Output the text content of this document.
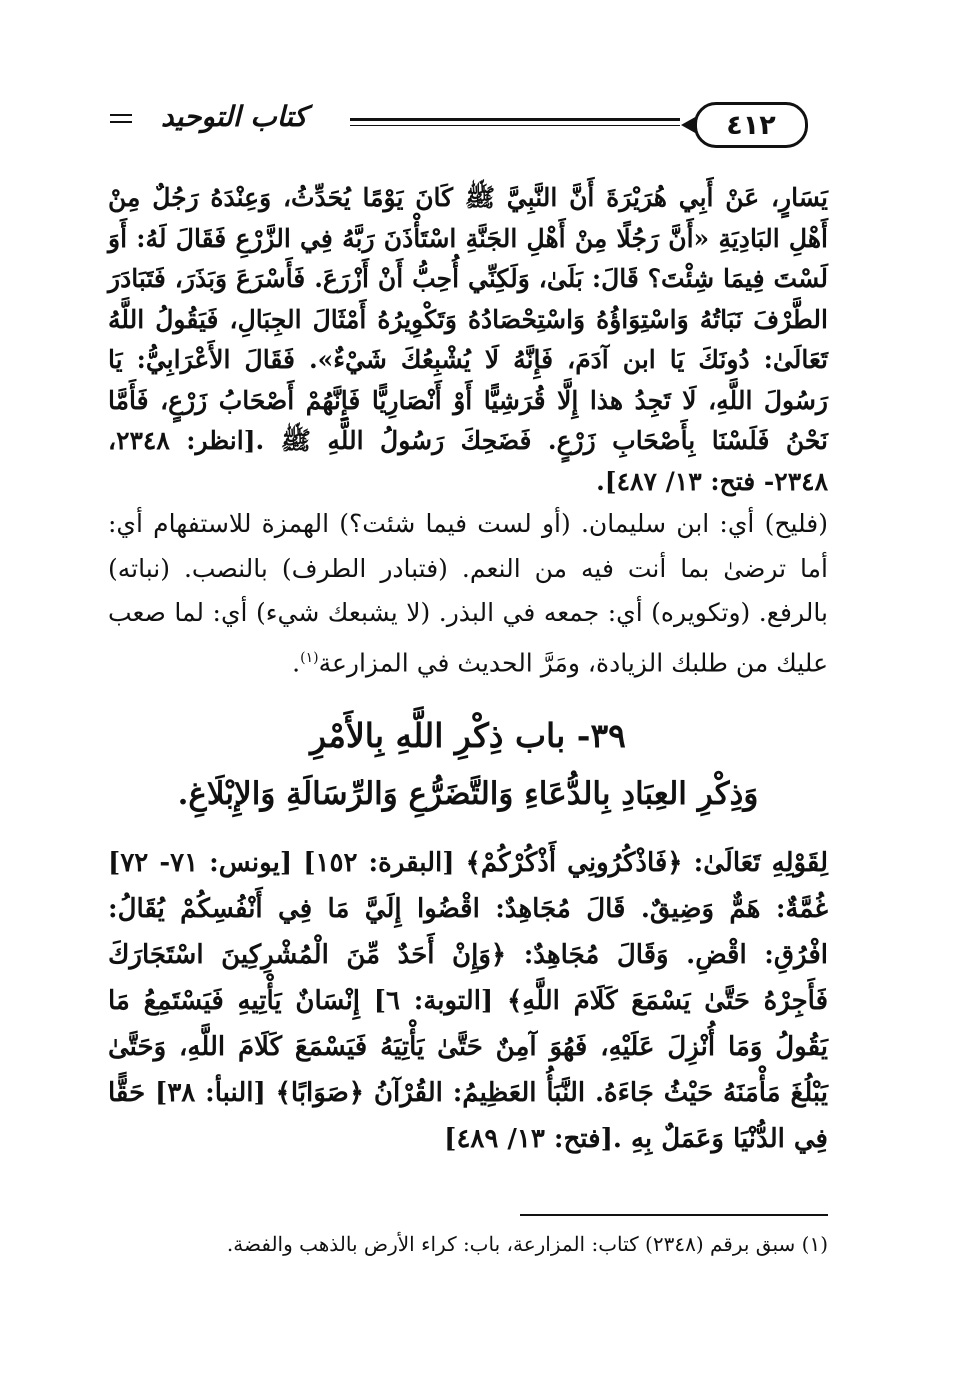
٤١٢
كتاب التوحيد
يَسَارٍ، عَنْ أَبِي هُرَيْرَةَ أَنَّ النَّبِيَّ ﷺ كَانَ يَوْمًا يُحَدِّثُ، وَعِنْدَهُ رَجُلٌ مِنْ أَهْلِ البَادِيَةِ «أَنَّ رَجُلًا مِنْ أَهْلِ الجَنَّةِ اسْتَأْذَنَ رَبَّهُ فِي الزَّرْعِ فَقَالَ لَهُ: أَوَ لَسْتَ فِيمَا شِئْتَ؟ قَالَ: بَلَىٰ، وَلَكِنِّي أُحِبُّ أَنْ أَزْرَعَ. فَأَسْرَعَ وَبَذَرَ، فَتَبَادَرَ الطَّرْفَ نَبَاتُهُ وَاسْتِوَاؤُهُ وَاسْتِحْصَادُهُ وَتَكْوِيرُهُ أَمْثَالَ الجِبَالِ، فَيَقُولُ اللَّهُ تَعَالَىٰ: دُونَكَ يَا ابن آدَمَ، فَإِنَّهُ لَا يُشْبِعُكَ شَيْءٌ». فَقَالَ الأَعْرَابِيُّ: يَا رَسُولَ اللَّهِ، لَا تَجِدُ هذا إِلَّا قُرَشِيًّا أَوْ أَنْصَارِيًّا فَإِنَّهُمْ أَصْحَابُ زَرْعٍ، فَأَمَّا نَحْنُ فَلَسْنَا بِأَصْحَابِ زَرْعٍ. فَضَحِكَ رَسُولُ اللَّهِ ﷺ .[انظر: ٢٣٤٨، ٢٣٤٨- فتح: ١٣/ ٤٨٧].
(فليح) أي: ابن سليمان. (أو لست فيما شئت؟) الهمزة للاستفهام أي: أما ترضىٰ بما أنت فيه من النعم. (فتبادر الطرف) بالنصب. (نباته) بالرفع. (وتكويره) أي: جمعه في البذر. (لا يشبعك شيء) أي: لما صعب عليك من طلبك الزيادة، ومَرَّ الحديث في المزارعة$^{(١)}$.
٣٩- باب ذِكْرِ اللَّهِ بِالأَمْرِ
وَذِكْرِ العِبَادِ بِالدُّعَاءِ وَالتَّضَرُّعِ وَالرِّسَالَةِ وَالإِبْلَاغِ.
لِقَوْلِهِ تَعَالَىٰ: ﴿فَاذْكُرُونِي أَذْكُرْكُمْ﴾ [البقرة: ١٥٢] [يونس: ٧١- ٧٢] غُمَّةٌ: هَمٌّ وَضِيقٌ. قَالَ مُجَاهِدٌ: اقْضُوا إِلَيَّ مَا فِي أَنْفُسِكُمْ يُقَالُ: افْرُقِ: اقْضِ. وَقَالَ مُجَاهِدٌ: ﴿وَإِنْ أَحَدٌ مِّنَ الْمُشْرِكِينَ اسْتَجَارَكَ فَأَجِرْهُ حَتَّىٰ يَسْمَعَ كَلَامَ اللَّهِ﴾ [التوبة: ٦] إِنْسَانٌ يَأْتِيهِ فَيَسْتَمِعُ مَا يَقُولُ وَمَا أُنْزِلَ عَلَيْهِ، فَهُوَ آمِنٌ حَتَّىٰ يَأْتِيَهُ فَيَسْمَعَ كَلَامَ اللَّهِ، وَحَتَّىٰ يَبْلُغَ مَأْمَنَهُ حَيْثُ جَاءَهُ. النَّبَأُ العَظِيمُ: القُرْآنُ ﴿صَوَابًا﴾ [النبأ: ٣٨] حَقًّا فِي الدُّنْيَا وَعَمَلٌ بِهِ .[فتح: ١٣/ ٤٨٩]
(١) سبق برقم (٢٣٤٨) كتاب: المزارعة، باب: كراء الأرض بالذهب والفضة.
